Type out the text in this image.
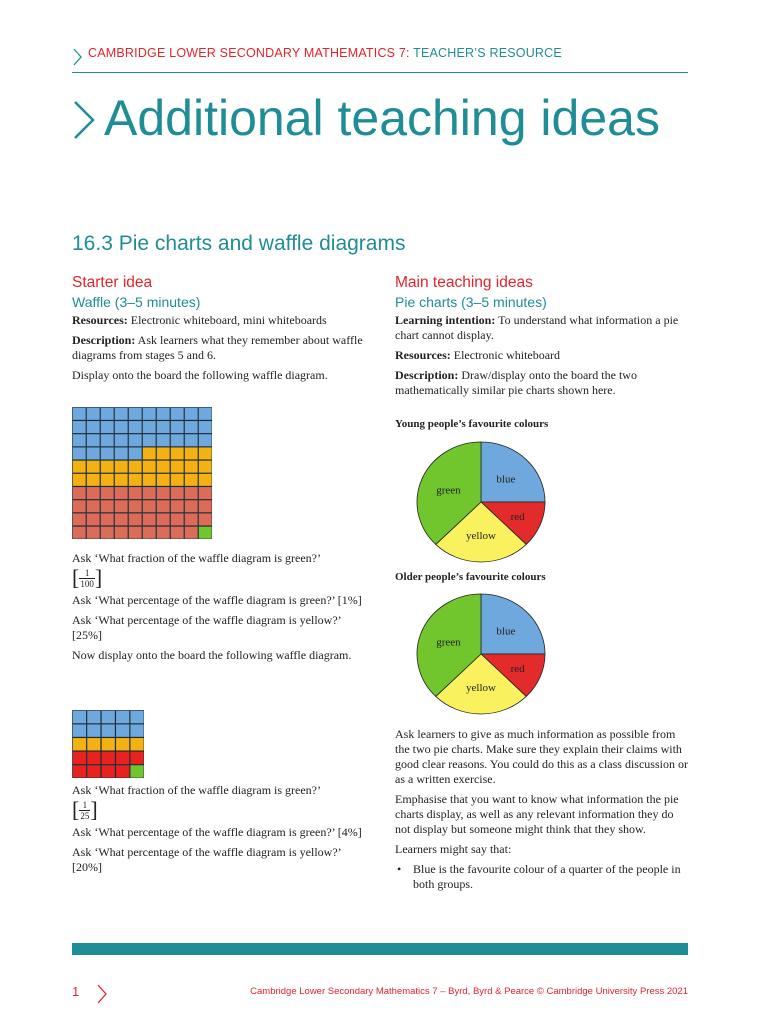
CAMBRIDGE LOWER SECONDARY MATHEMATICS 7: TEACHER’S RESOURCE
Additional teaching ideas
16.3 Pie charts and waffle diagrams
Starter idea
Waffle (3–5 minutes)

Resources: Electronic whiteboard, mini whiteboards

Description: Ask learners what they remember about waffle diagrams from stages 5 and 6.

Display onto the board the following waffle diagram.

Ask ‘What fraction of the waffle diagram is green?’

[ $\frac{1}{100}$ ]

Ask ‘What percentage of the waffle diagram is green?’ [1%]

Ask ‘What percentage of the waffle diagram is yellow?’ [25%]

Now display onto the board the following waffle diagram.

Ask ‘What fraction of the waffle diagram is green?’

[ $\frac{1}{25}$ ]

Ask ‘What percentage of the waffle diagram is green?’ [4%]

Ask ‘What percentage of the waffle diagram is yellow?’ [20%]

Main teaching ideas
Pie charts (3–5 minutes)

Learning intention: To understand what information a pie chart cannot display.

Resources: Electronic whiteboard

Description: Draw/display onto the board the two mathematically similar pie charts shown here.

Young people’s favourite colours
blue
red
yellow
green
Older people’s favourite colours
blue
red
yellow
green

Ask learners to give as much information as possible from the two pie charts. Make sure they explain their claims with good clear reasons. You could do this as a class discussion or as a written exercise.

Emphasise that you want to know what information the pie charts display, as well as any relevant information they do not display but someone might think that they show.

Learners might say that:

• Blue is the favourite colour of a quarter of the people in both groups.
1	Cambridge Lower Secondary Mathematics 7 – Byrd, Byrd & Pearce © Cambridge University Press 2021
